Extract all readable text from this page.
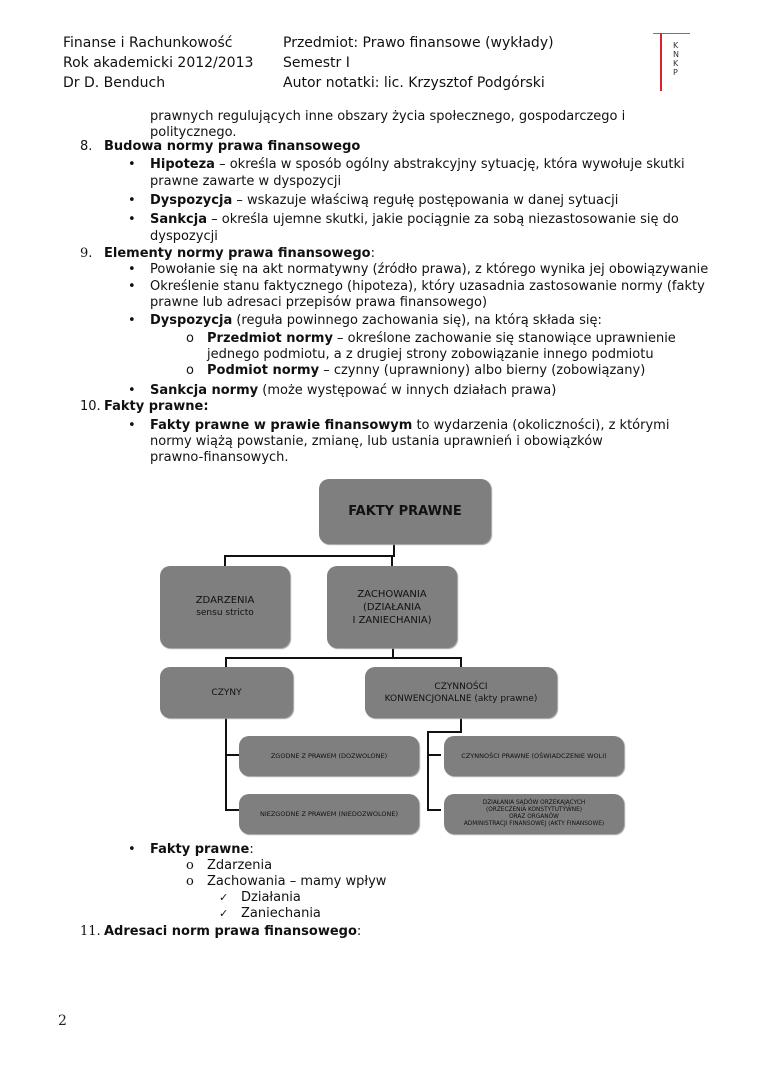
Finanse i Rachunkowość
Rok akademicki 2012/2013
Dr D. Benduch
Przedmiot: Prawo finansowe (wykłady)
Semestr I
Autor notatki: lic. Krzysztof Podgórski
K
N
K
P
prawnych regulujących inne obszary życia społecznego, gospodarczego i
politycznego.
8. Budowa normy prawa finansowego
• Hipoteza – określa w sposób ogólny abstrakcyjny sytuację, która wywołuje skutki
prawne zawarte w dyspozycji
• Dyspozycja – wskazuje właściwą regułę postępowania w danej sytuacji
• Sankcja – określa ujemne skutki, jakie pociągnie za sobą niezastosowanie się do
dyspozycji
9. Elementy normy prawa finansowego:
• Powołanie się na akt normatywny (źródło prawa), z którego wynika jej obowiązywanie
• Określenie stanu faktycznego (hipoteza), który uzasadnia zastosowanie normy (fakty
prawne lub adresaci przepisów prawa finansowego)
• Dyspozycja (reguła powinnego zachowania się), na którą składa się:
o Przedmiot normy – określone zachowanie się stanowiące uprawnienie
jednego podmiotu, a z drugiej strony zobowiązanie innego podmiotu
o Podmiot normy – czynny (uprawniony) albo bierny (zobowiązany)
• Sankcja normy (może występować w innych działach prawa)
10. Fakty prawne:
• Fakty prawne w prawie finansowym to wydarzenia (okoliczności), z którymi
normy wiążą powstanie, zmianę, lub ustania uprawnień i obowiązków
prawno-finansowych.
FAKTY PRAWNE
ZDARZENIA
sensu stricto
ZACHOWANIA
(DZIAŁANIA
I ZANIECHANIA)
CZYNY
CZYNNOŚCI
KONWENCJONALNE (akty prawne)
ZGODNE Z PRAWEM (DOZWOLONE)
NIEZGODNE Z PRAWEM (NIEDOZWOLONE)
CZYNNOŚCI PRAWNE (OŚWIADCZENIE WOLI)
DZIAŁANIA SĄDÓW ORZEKAJĄCYCH
(ORZECZENIA KONSTYTUTYWNE)
ORAZ ORGANÓW
ADMINISTRACJI FINANSOWEJ (AKTY FINANSOWE)
• Fakty prawne:
o Zdarzenia
o Zachowania – mamy wpływ
✓ Działania
✓ Zaniechania
11. Adresaci norm prawa finansowego:
2
